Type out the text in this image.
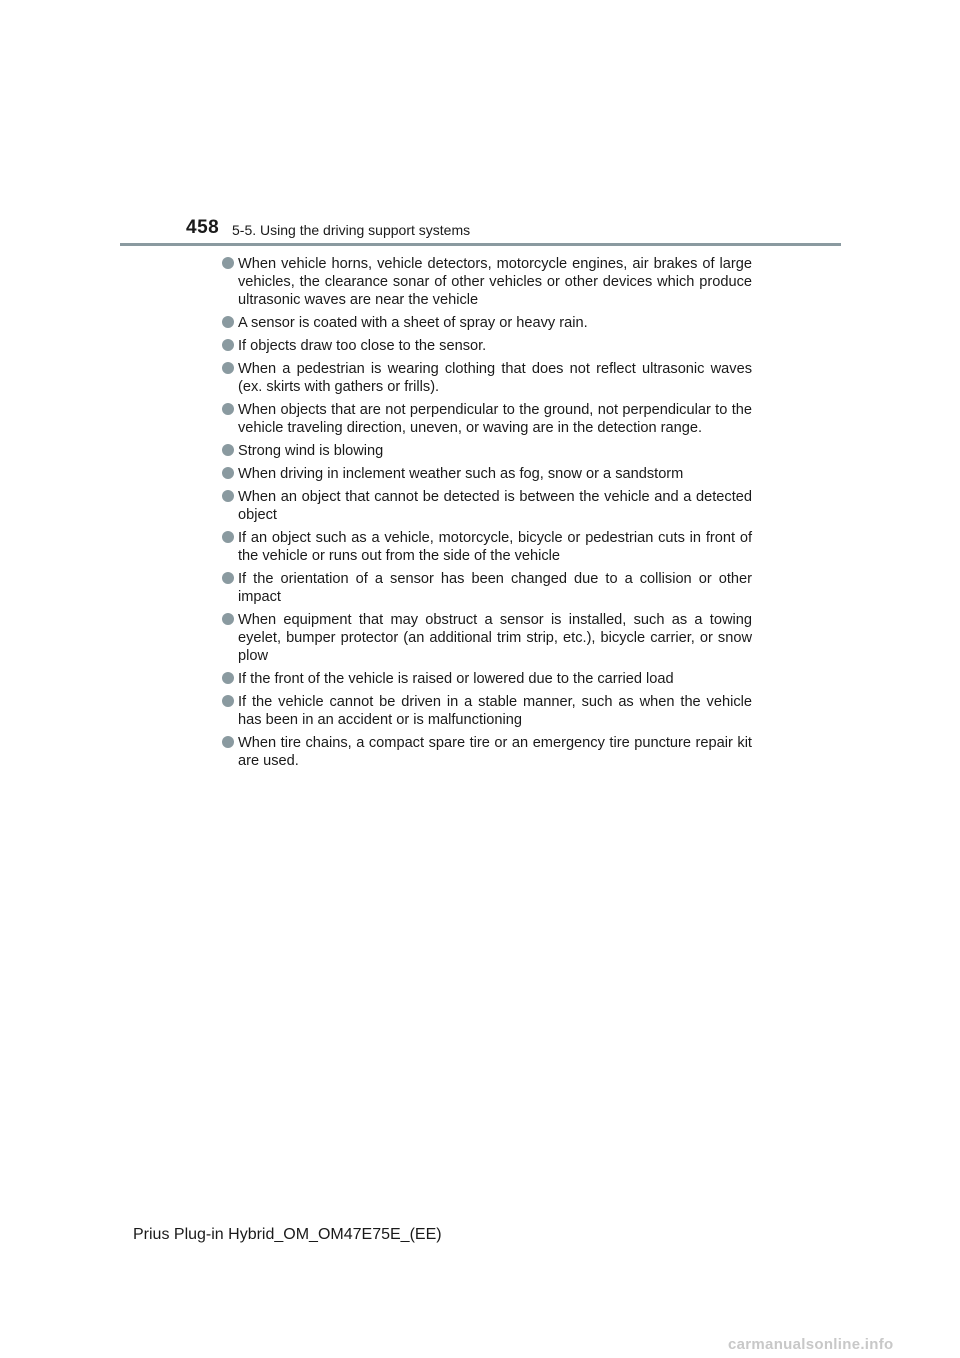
458 5-5. Using the driving support systems
When vehicle horns, vehicle detectors, motorcycle engines, air brakes of large vehicles, the clearance sonar of other vehicles or other devices which produce ultrasonic waves are near the vehicle
A sensor is coated with a sheet of spray or heavy rain.
If objects draw too close to the sensor.
When a pedestrian is wearing clothing that does not reflect ultrasonic waves (ex. skirts with gathers or frills).
When objects that are not perpendicular to the ground, not perpendicular to the vehicle traveling direction, uneven, or waving are in the detection range.
Strong wind is blowing
When driving in inclement weather such as fog, snow or a sandstorm
When an object that cannot be detected is between the vehicle and a detected object
If an object such as a vehicle, motorcycle, bicycle or pedestrian cuts in front of the vehicle or runs out from the side of the vehicle
If the orientation of a sensor has been changed due to a collision or other impact
When equipment that may obstruct a sensor is installed, such as a towing eyelet, bumper protector (an additional trim strip, etc.), bicycle carrier, or snow plow
If the front of the vehicle is raised or lowered due to the carried load
If the vehicle cannot be driven in a stable manner, such as when the vehicle has been in an accident or is malfunctioning
When tire chains, a compact spare tire or an emergency tire puncture repair kit are used.
Prius Plug-in Hybrid_OM_OM47E75E_(EE)
carmanualsonline.info
